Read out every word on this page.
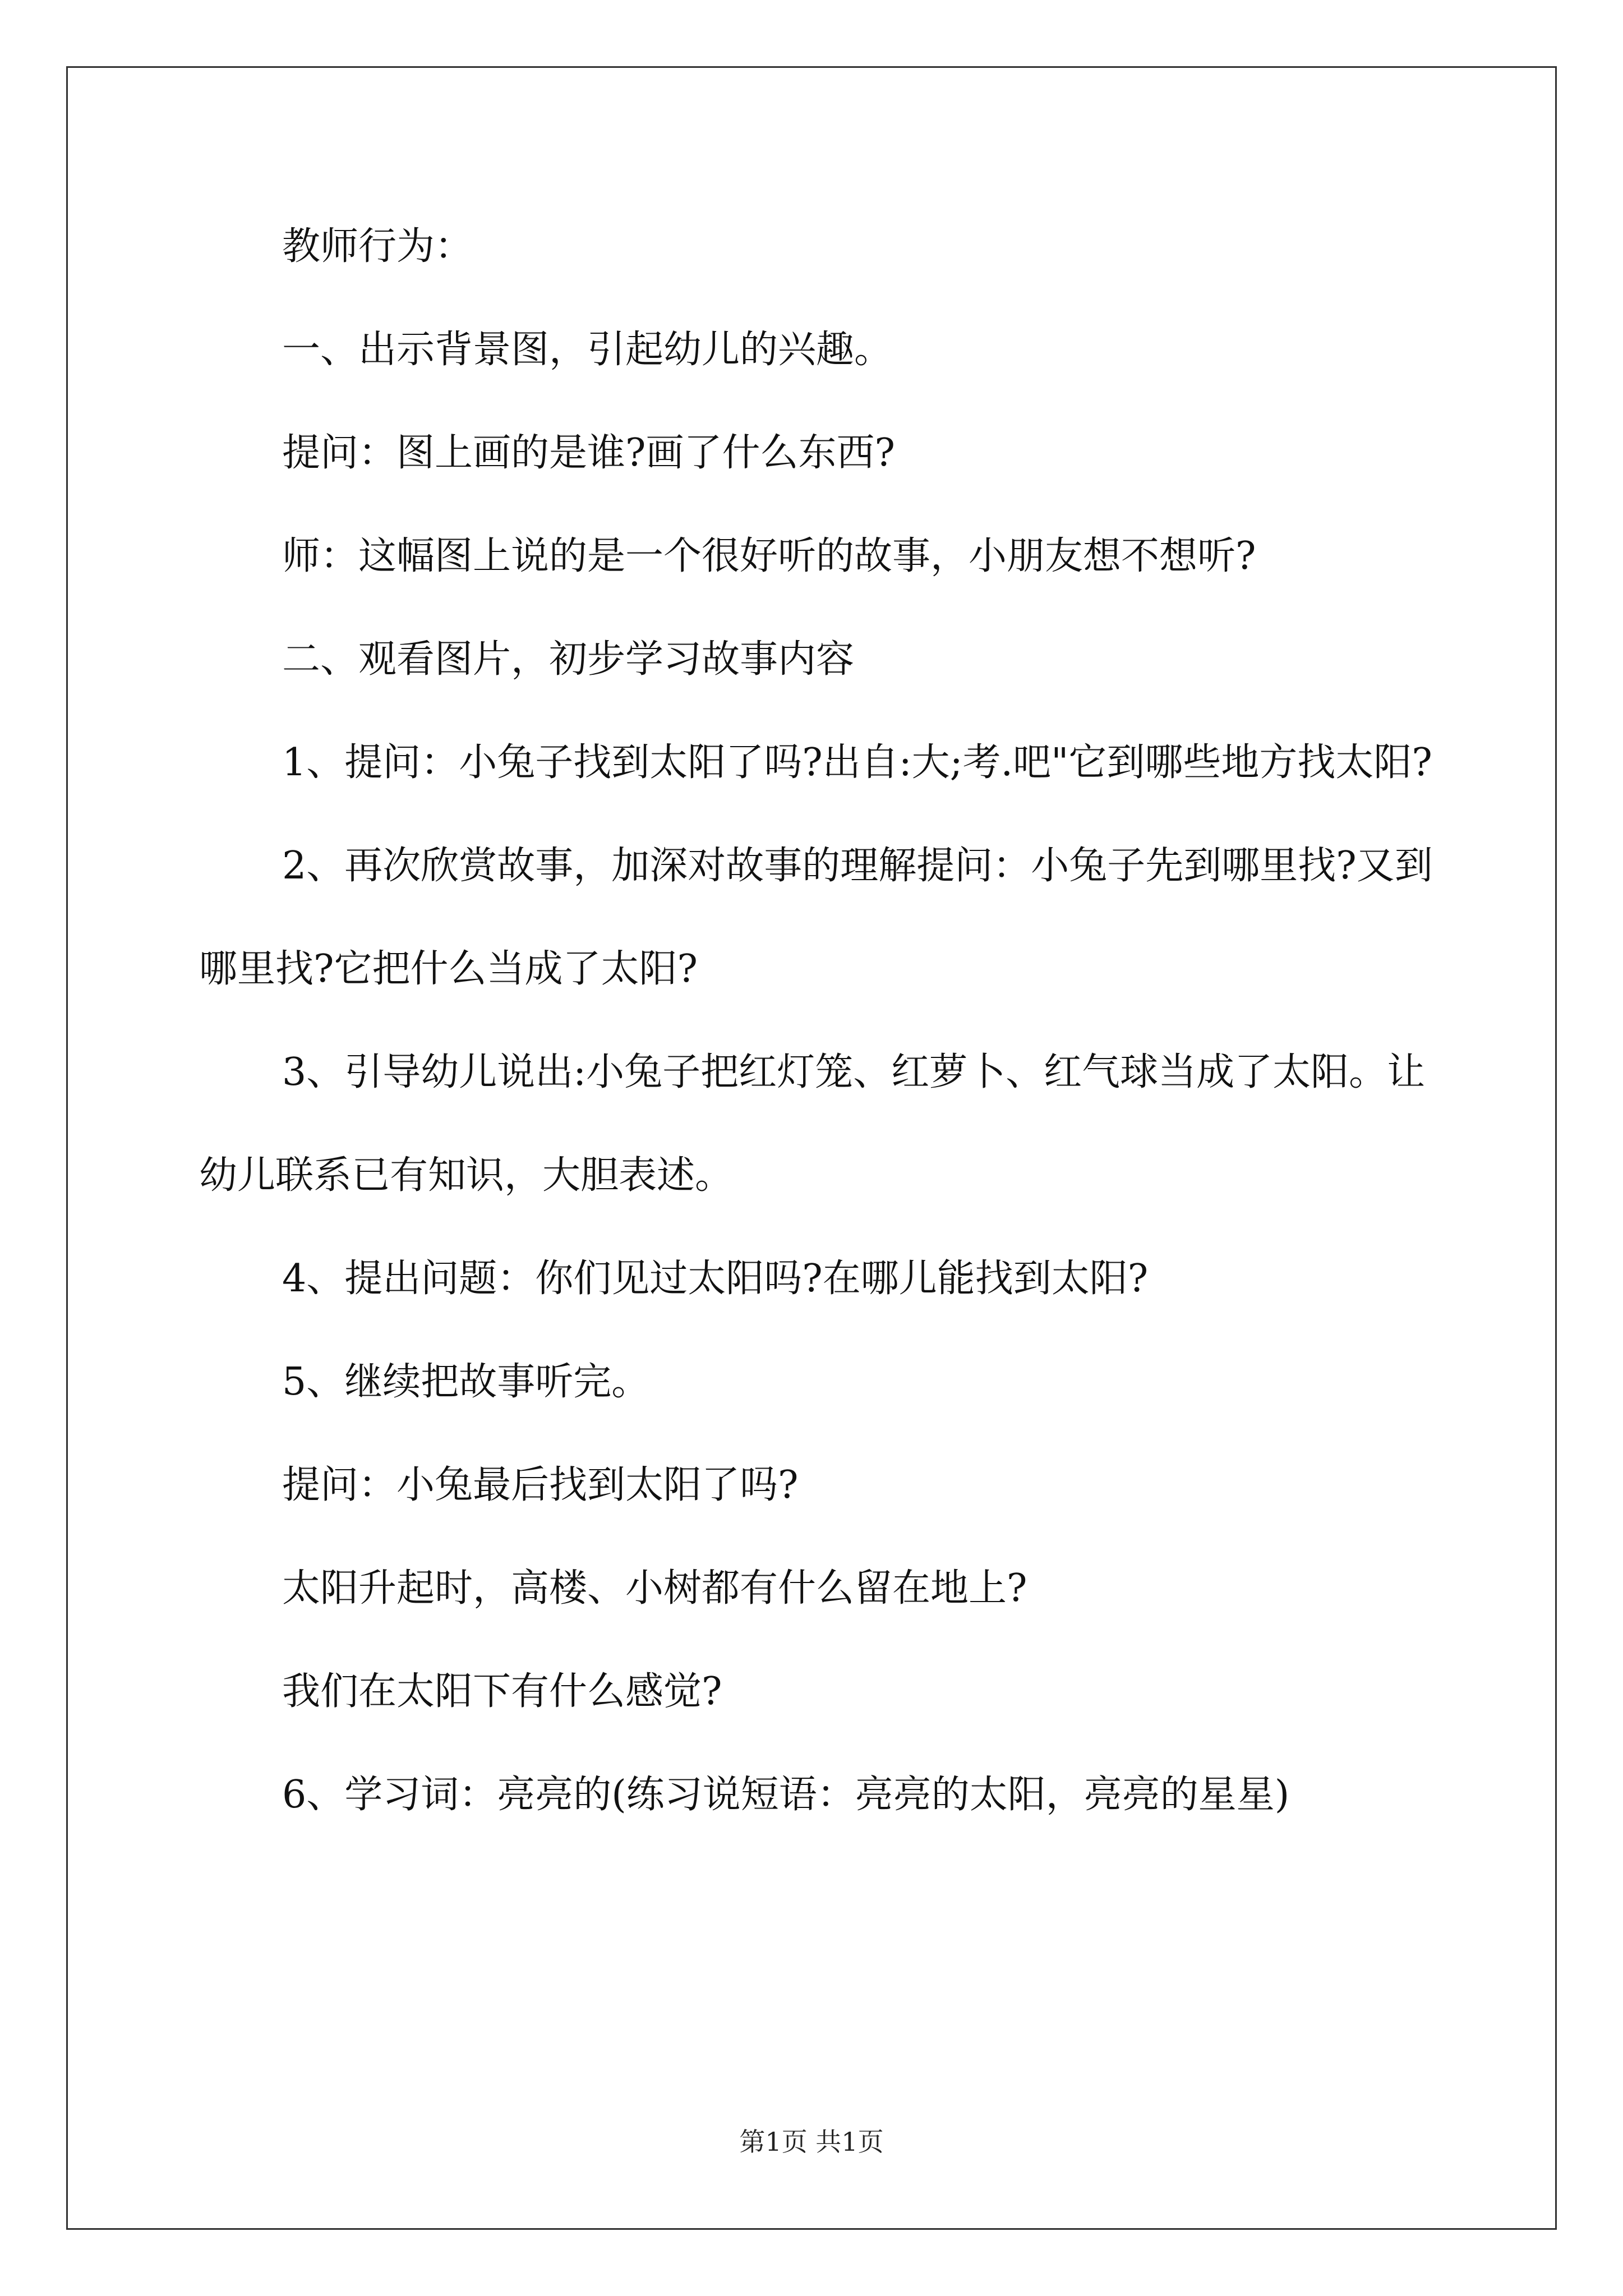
教师行为：

一、出示背景图，引起幼儿的兴趣。

提问：图上画的是谁?画了什么东西?

师：这幅图上说的是一个很好听的故事，小朋友想不想听?

二、观看图片，初步学习故事内容

1、提问：小兔子找到太阳了吗?出自:大;考.吧"它到哪些地方找太阳?

2、再次欣赏故事，加深对故事的理解提问：小兔子先到哪里找?又到哪里找?它把什么当成了太阳?

3、引导幼儿说出:小兔子把红灯笼、红萝卜、红气球当成了太阳。让幼儿联系已有知识，大胆表述。

4、提出问题：你们见过太阳吗?在哪儿能找到太阳?

5、继续把故事听完。

提问：小兔最后找到太阳了吗?

太阳升起时，高楼、小树都有什么留在地上?

我们在太阳下有什么感觉?

6、学习词：亮亮的(练习说短语：亮亮的太阳，亮亮的星星)

第1页 共1页
